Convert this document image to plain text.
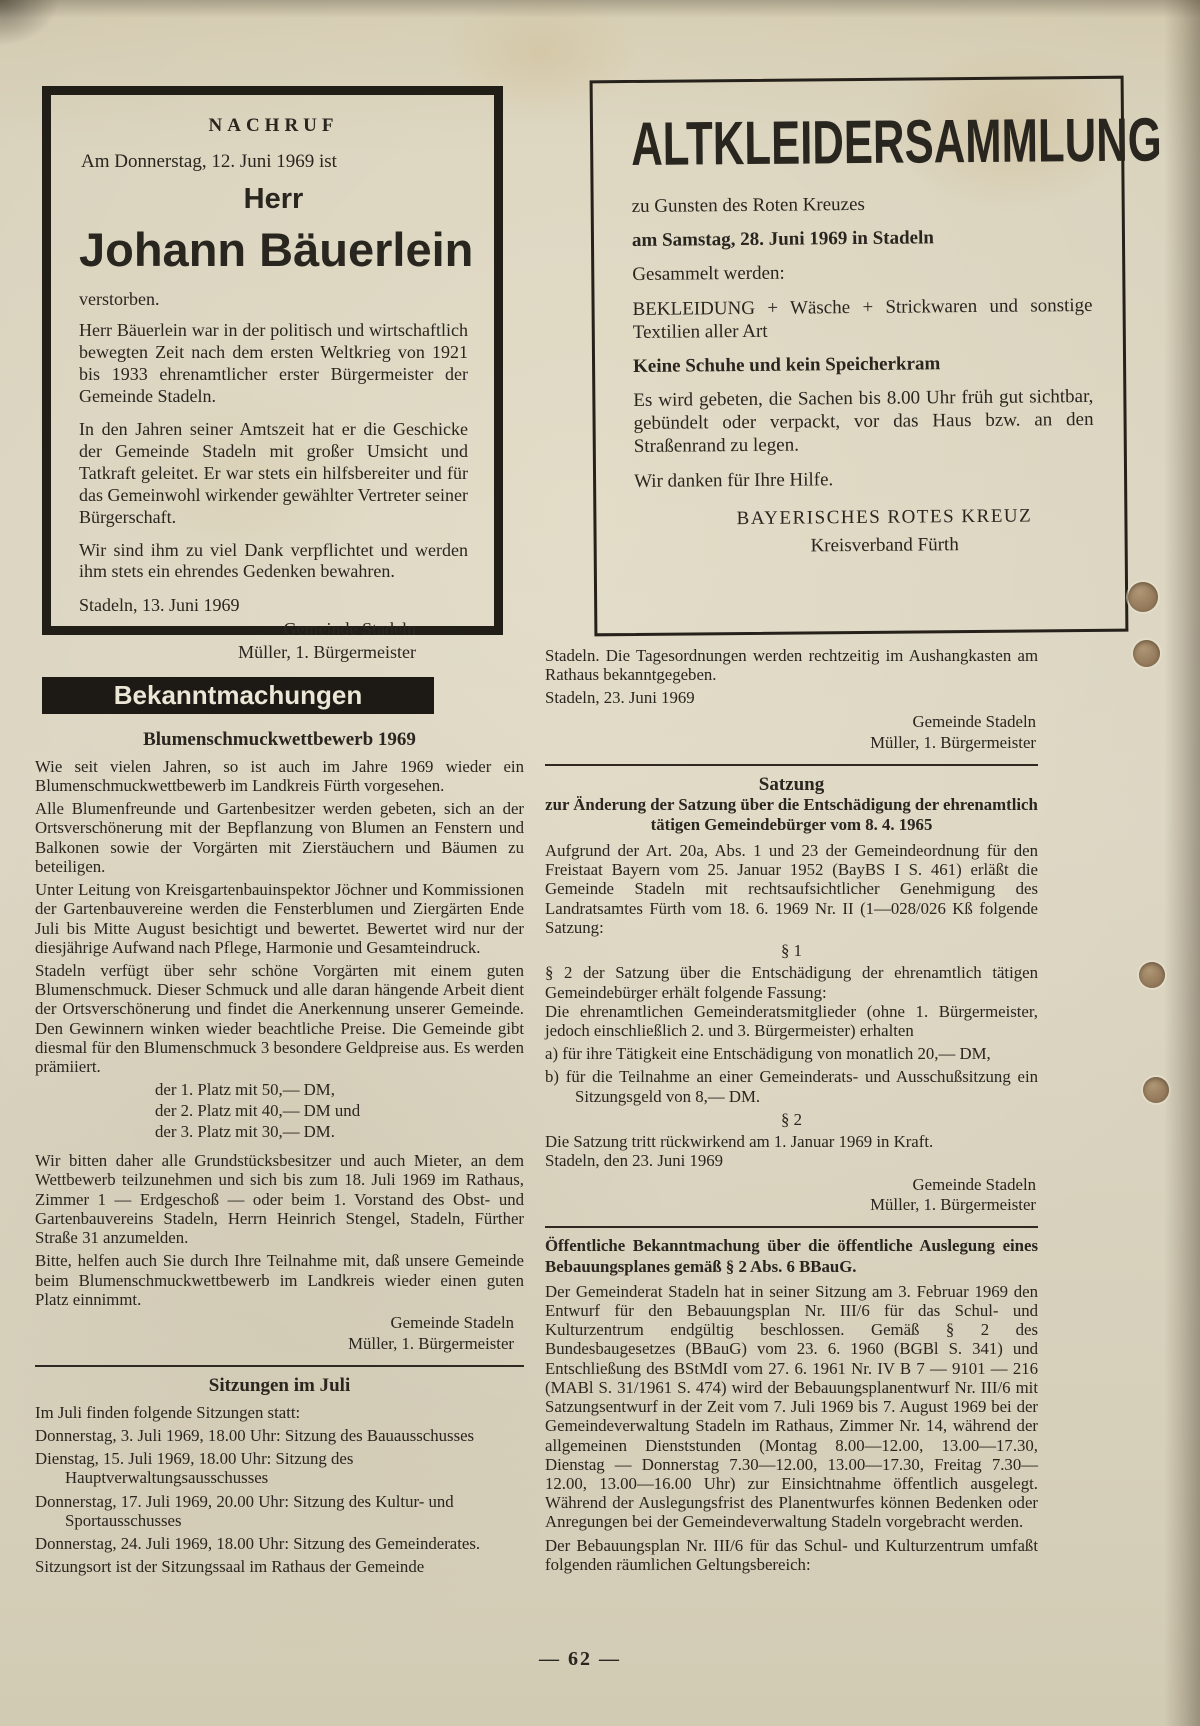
NACHRUF
Am Donnerstag, 12. Juni 1969 ist
Herr
Johann Bäuerlein

verstorben.

Herr Bäuerlein war in der politisch und wirtschaftlich bewegten Zeit nach dem ersten Weltkrieg von 1921 bis 1933 ehrenamtlicher erster Bürgermeister der Gemeinde Stadeln.

In den Jahren seiner Amtszeit hat er die Geschicke der Gemeinde Stadeln mit großer Umsicht und Tatkraft geleitet. Er war stets ein hilfsbereiter und für das Gemeinwohl wirkender gewählter Vertreter seiner Bürgerschaft.

Wir sind ihm zu viel Dank verpflichtet und werden ihm stets ein ehrendes Gedenken bewahren.

Stadeln, 13. Juni 1969
Gemeinde Stadeln
Müller, 1. Bürgermeister
ALTKLEIDERSAMMLUNG

zu Gunsten des Roten Kreuzes

am Samstag, 28. Juni 1969 in Stadeln

Gesammelt werden:

BEKLEIDUNG + Wäsche + Strickwaren und sonstige Textilien aller Art

Keine Schuhe und kein Speicherkram

Es wird gebeten, die Sachen bis 8.00 Uhr früh gut sichtbar, gebündelt oder verpackt, vor das Haus bzw. an den Straßenrand zu legen.

Wir danken für Ihre Hilfe.

BAYERISCHES ROTES KREUZ
Kreisverband Fürth
Bekanntmachungen
Blumenschmuckwettbewerb 1969

Wie seit vielen Jahren, so ist auch im Jahre 1969 wieder ein Blumenschmuckwettbewerb im Landkreis Fürth vorgesehen.

Alle Blumenfreunde und Gartenbesitzer werden gebeten, sich an der Ortsverschönerung mit der Bepflanzung von Blumen an Fenstern und Balkonen sowie der Vorgärten mit Zierstäuchern und Bäumen zu beteiligen.

Unter Leitung von Kreisgartenbauinspektor Jöchner und Kommissionen der Gartenbauvereine werden die Fensterblumen und Ziergärten Ende Juli bis Mitte August besichtigt und bewertet. Bewertet wird nur der diesjährige Aufwand nach Pflege, Harmonie und Gesamteindruck.

Stadeln verfügt über sehr schöne Vorgärten mit einem guten Blumenschmuck. Dieser Schmuck und alle daran hängende Arbeit dient der Ortsverschönerung und findet die Anerkennung unserer Gemeinde. Den Gewinnern winken wieder beachtliche Preise. Die Gemeinde gibt diesmal für den Blumenschmuck 3 besondere Geldpreise aus. Es werden prämiiert.

der 1. Platz mit 50,— DM,
der 2. Platz mit 40,— DM und
der 3. Platz mit 30,— DM.

Wir bitten daher alle Grundstücksbesitzer und auch Mieter, an dem Wettbewerb teilzunehmen und sich bis zum 18. Juli 1969 im Rathaus, Zimmer 1 — Erdgeschoß — oder beim 1. Vorstand des Obst- und Gartenbauvereins Stadeln, Herrn Heinrich Stengel, Stadeln, Fürther Straße 31 anzumelden.

Bitte, helfen auch Sie durch Ihre Teilnahme mit, daß unsere Gemeinde beim Blumenschmuckwettbewerb im Landkreis wieder einen guten Platz einnimmt.

Gemeinde Stadeln
Müller, 1. Bürgermeister
Sitzungen im Juli

Im Juli finden folgende Sitzungen statt:

Donnerstag, 3. Juli 1969, 18.00 Uhr: Sitzung des Bauausschusses

Dienstag, 15. Juli 1969, 18.00 Uhr: Sitzung des Hauptverwaltungsausschusses

Donnerstag, 17. Juli 1969, 20.00 Uhr: Sitzung des Kultur- und Sportausschusses

Donnerstag, 24. Juli 1969, 18.00 Uhr: Sitzung des Gemeinderates.

Sitzungsort ist der Sitzungssaal im Rathaus der Gemeinde

Stadeln. Die Tagesordnungen werden rechtzeitig im Aushangkasten am Rathaus bekanntgegeben.

Stadeln, 23. Juni 1969

Gemeinde Stadeln
Müller, 1. Bürgermeister
Satzung
zur Änderung der Satzung über die Entschädigung der ehrenamtlich tätigen Gemeindebürger vom 8. 4. 1965

Aufgrund der Art. 20a, Abs. 1 und 23 der Gemeindeordnung für den Freistaat Bayern vom 25. Januar 1952 (BayBS I S. 461) erläßt die Gemeinde Stadeln mit rechtsaufsichtlicher Genehmigung des Landratsamtes Fürth vom 18. 6. 1969 Nr. II (1—028/026 Kß folgende Satzung:

§ 1

§ 2 der Satzung über die Entschädigung der ehrenamtlich tätigen Gemeindebürger erhält folgende Fassung:

Die ehrenamtlichen Gemeinderatsmitglieder (ohne 1. Bürgermeister, jedoch einschließlich 2. und 3. Bürgermeister) erhalten

a) für ihre Tätigkeit eine Entschädigung von monatlich 20,— DM,

b) für die Teilnahme an einer Gemeinderats- und Ausschußsitzung ein Sitzungsgeld von 8,— DM.

§ 2

Die Satzung tritt rückwirkend am 1. Januar 1969 in Kraft.

Stadeln, den 23. Juni 1969

Gemeinde Stadeln
Müller, 1. Bürgermeister
Öffentliche Bekanntmachung über die öffentliche Auslegung eines Bebauungsplanes gemäß § 2 Abs. 6 BBauG.

Der Gemeinderat Stadeln hat in seiner Sitzung am 3. Februar 1969 den Entwurf für den Bebauungsplan Nr. III/6 für das Schul- und Kulturzentrum endgültig beschlossen. Gemäß § 2 des Bundesbaugesetzes (BBauG) vom 23. 6. 1960 (BGBl S. 341) und Entschließung des BStMdI vom 27. 6. 1961 Nr. IV B 7 — 9101 — 216 (MABl S. 31/1961 S. 474) wird der Bebauungsplanentwurf Nr. III/6 mit Satzungsentwurf in der Zeit vom 7. Juli 1969 bis 7. August 1969 bei der Gemeindeverwaltung Stadeln im Rathaus, Zimmer Nr. 14, während der allgemeinen Dienststunden (Montag 8.00—12.00, 13.00—17.30, Dienstag — Donnerstag 7.30—12.00, 13.00—17.30, Freitag 7.30—12.00, 13.00—16.00 Uhr) zur Einsichtnahme öffentlich ausgelegt. Während der Auslegungsfrist des Planentwurfes können Bedenken oder Anregungen bei der Gemeindeverwaltung Stadeln vorgebracht werden.

Der Bebauungsplan Nr. III/6 für das Schul- und Kulturzentrum umfaßt folgenden räumlichen Geltungsbereich:

— 62 —
